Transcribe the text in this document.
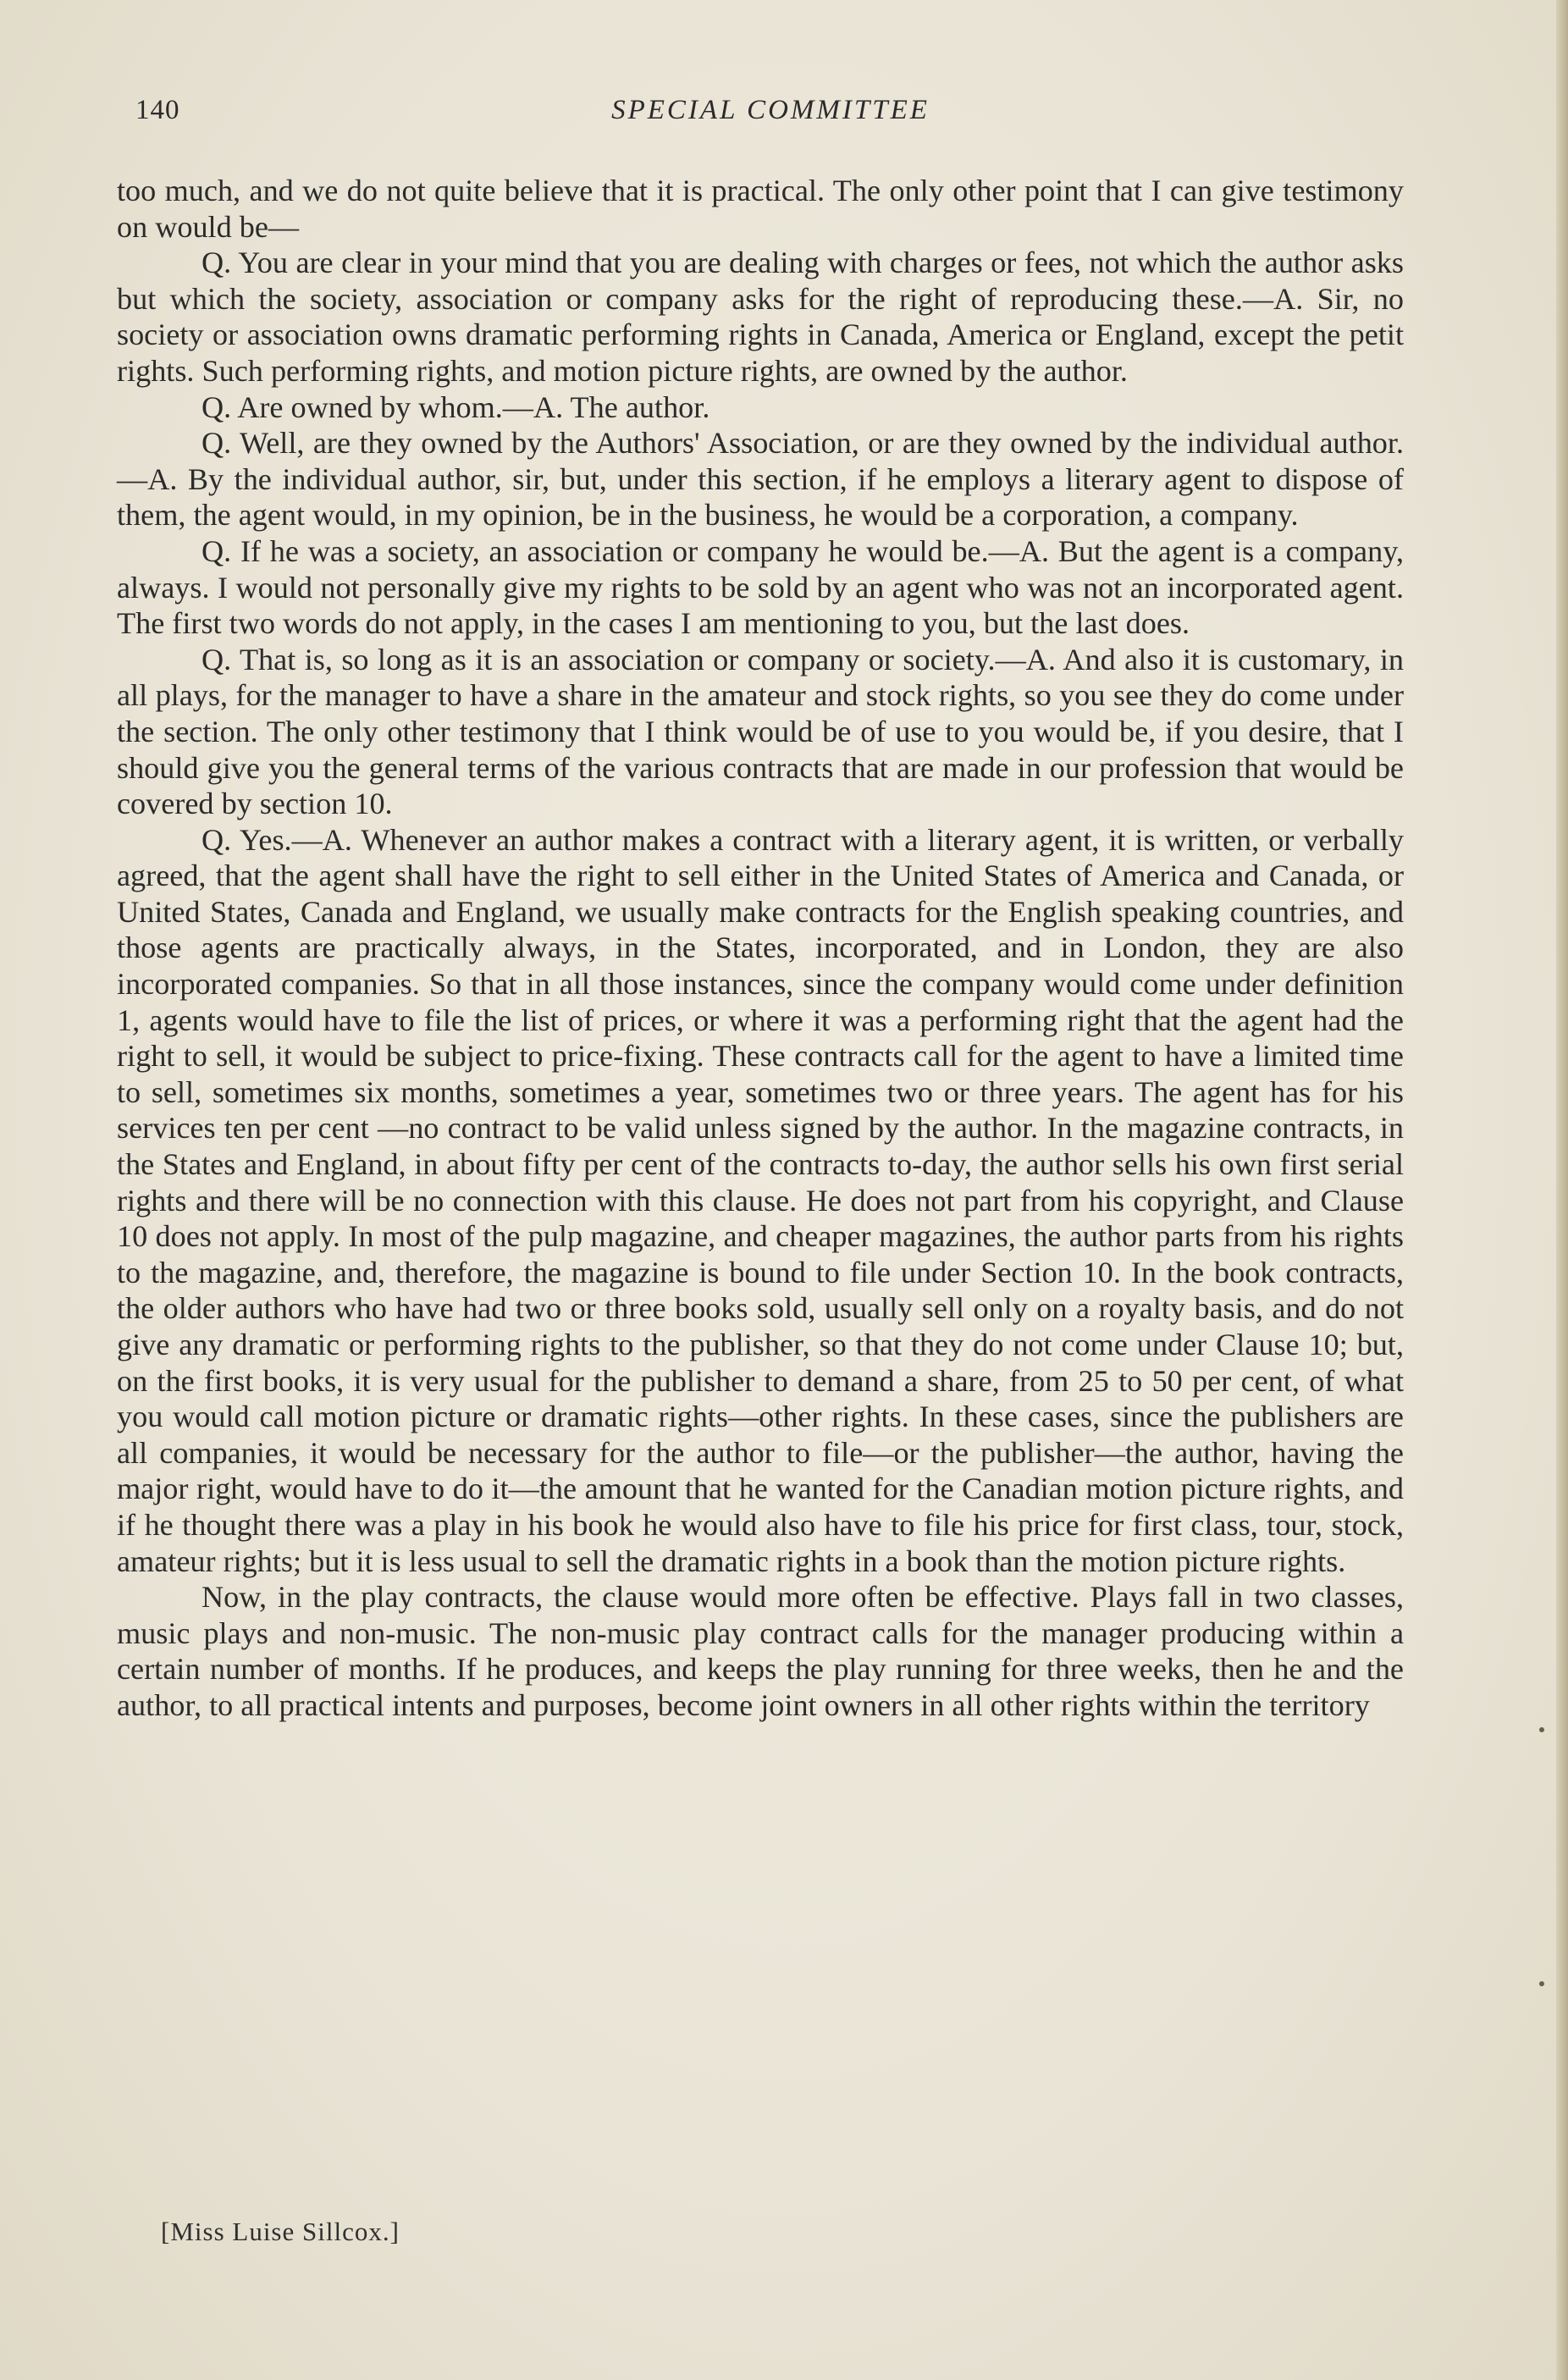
140	SPECIAL COMMITTEE

too much, and we do not quite believe that it is practical. The only other point that I can give testimony on would be—

Q. You are clear in your mind that you are dealing with charges or fees, not which the author asks but which the society, association or company asks for the right of reproducing these.—A. Sir, no society or association owns dramatic performing rights in Canada, America or England, except the petit rights. Such performing rights, and motion picture rights, are owned by the author.

Q. Are owned by whom.—A. The author.

Q. Well, are they owned by the Authors' Association, or are they owned by the individual author.—A. By the individual author, sir, but, under this section, if he employs a literary agent to dispose of them, the agent would, in my opinion, be in the business, he would be a corporation, a company.

Q. If he was a society, an association or company he would be.—A. But the agent is a company, always. I would not personally give my rights to be sold by an agent who was not an incorporated agent. The first two words do not apply, in the cases I am mentioning to you, but the last does.

Q. That is, so long as it is an association or company or society.—A. And also it is customary, in all plays, for the manager to have a share in the amateur and stock rights, so you see they do come under the section. The only other testimony that I think would be of use to you would be, if you desire, that I should give you the general terms of the various contracts that are made in our profession that would be covered by section 10.

Q. Yes.—A. Whenever an author makes a contract with a literary agent, it is written, or verbally agreed, that the agent shall have the right to sell either in the United States of America and Canada, or United States, Canada and England, we usually make contracts for the English speaking countries, and those agents are practically always, in the States, incorporated, and in London, they are also incorporated companies. So that in all those instances, since the company would come under definition 1, agents would have to file the list of prices, or where it was a performing right that the agent had the right to sell, it would be subject to price-fixing. These contracts call for the agent to have a limited time to sell, sometimes six months, sometimes a year, sometimes two or three years. The agent has for his services ten per cent —no contract to be valid unless signed by the author. In the magazine contracts, in the States and England, in about fifty per cent of the contracts to-day, the author sells his own first serial rights and there will be no connection with this clause. He does not part from his copyright, and Clause 10 does not apply. In most of the pulp magazine, and cheaper magazines, the author parts from his rights to the magazine, and, therefore, the magazine is bound to file under Section 10. In the book contracts, the older authors who have had two or three books sold, usually sell only on a royalty basis, and do not give any dramatic or performing rights to the publisher, so that they do not come under Clause 10; but, on the first books, it is very usual for the publisher to demand a share, from 25 to 50 per cent, of what you would call motion picture or dramatic rights—other rights. In these cases, since the publishers are all companies, it would be necessary for the author to file—or the publisher—the author, having the major right, would have to do it—the amount that he wanted for the Canadian motion picture rights, and if he thought there was a play in his book he would also have to file his price for first class, tour, stock, amateur rights; but it is less usual to sell the dramatic rights in a book than the motion picture rights.

Now, in the play contracts, the clause would more often be effective. Plays fall in two classes, music plays and non-music. The non-music play contract calls for the manager producing within a certain number of months. If he produces, and keeps the play running for three weeks, then he and the author, to all practical intents and purposes, become joint owners in all other rights within the territory

[Miss Luise Sillcox.]
